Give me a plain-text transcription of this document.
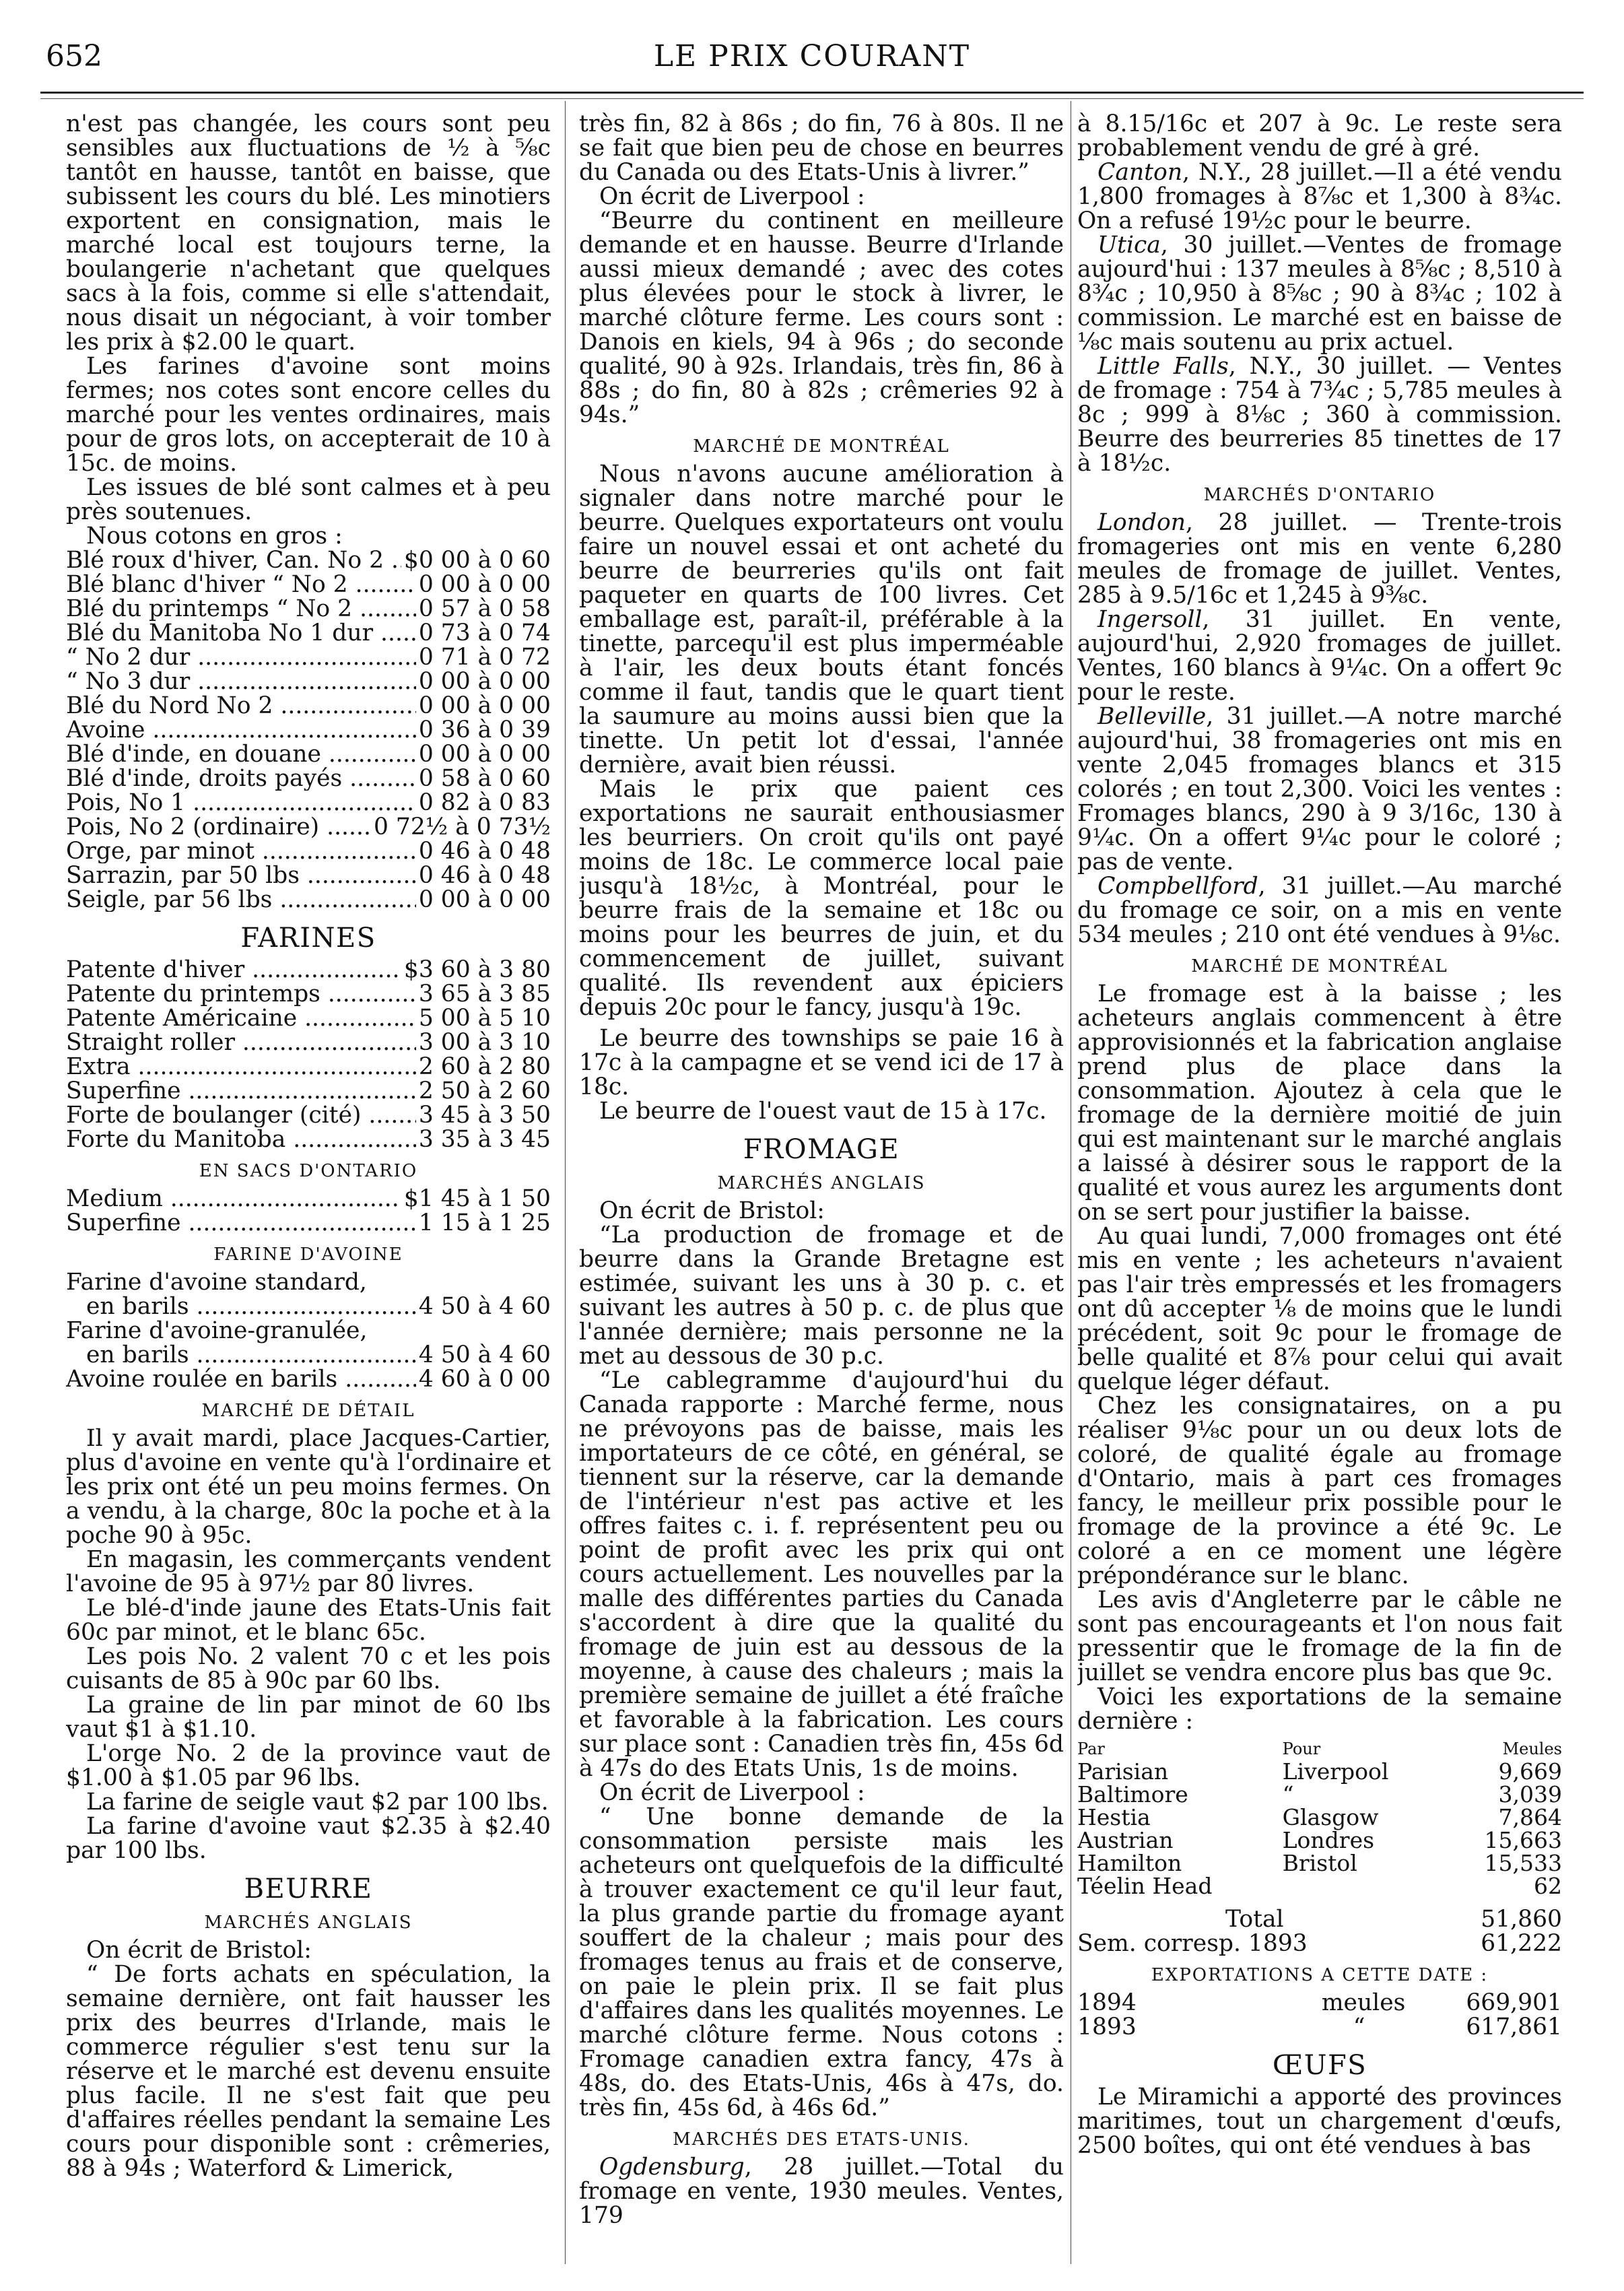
652	LE PRIX COURANT

n'est pas changée, les cours sont peu sensibles aux fluctuations de ½ à ⅝c tantôt en hausse, tantôt en baisse, que subissent les cours du blé. Les minotiers exportent en consignation, mais le marché local est toujours terne, la boulangerie n'achetant que quelques sacs à la fois, comme si elle s'attendait, nous disait un négociant, à voir tomber les prix à $2.00 le quart.

Les farines d'avoine sont moins fermes; nos cotes sont encore celles du marché pour les ventes ordinaires, mais pour de gros lots, on accepterait de 10 à 15c. de moins.

Les issues de blé sont calmes et à peu près soutenues.

Nous cotons en gros :

Blé roux d'hiver, Can. No 2 ..... $0 00 à 0 60
Blé blanc d'hiver “ No 2 .....	0 00 à 0 00
Blé du printemps “ No 2 .....	0 57 à 0 58
Blé du Manitoba No 1 dur .....	0 73 à 0 74
“ No 2 dur .....	0 71 à 0 72
“ No 3 dur .....	0 00 à 0 00
Blé du Nord No 2 .....	0 00 à 0 00
Avoine .....	0 36 à 0 39
Blé d'inde, en douane .....	0 00 à 0 00
Blé d'inde, droits payés .....	0 58 à 0 60
Pois, No 1 .....	0 82 à 0 83
Pois, No 2 (ordinaire) .....	0 72½ à 0 73½
Orge, par minot .....	0 46 à 0 48
Sarrazin, par 50 lbs .....	0 46 à 0 48
Seigle, par 56 lbs .....	0 00 à 0 00
FARINES
Patente d'hiver .....	$3 60 à 3 80
Patente du printemps .....	3 65 à 3 85
Patente Américaine .....	5 00 à 5 10
Straight roller .....	3 00 à 3 10
Extra .....	2 60 à 2 80
Superfine .....	2 50 à 2 60
Forte de boulanger (cité) .....	3 45 à 3 50
Forte du Manitoba .....	3 35 à 3 45
EN SACS D'ONTARIO
Medium .....	$1 45 à 1 50
Superfine .....	1 15 à 1 25
FARINE D'AVOINE

Farine d'avoine standard,

en barils .....	4 50 à 4 60

Farine d'avoine-granulée,

en barils .....	4 50 à 4 60
Avoine roulée en barils .....	4 60 à 0 00
MARCHÉ DE DÉTAIL

Il y avait mardi, place Jacques-Cartier, plus d'avoine en vente qu'à l'ordinaire et les prix ont été un peu moins fermes. On a vendu, à la charge, 80c la poche et à la poche 90 à 95c.

En magasin, les commerçants vendent l'avoine de 95 à 97½ par 80 livres.

Le blé-d'inde jaune des Etats-Unis fait 60c par minot, et le blanc 65c.

Les pois No. 2 valent 70 c et les pois cuisants de 85 à 90c par 60 lbs.

La graine de lin par minot de 60 lbs vaut $1 à $1.10.

L'orge No. 2 de la province vaut de $1.00 à $1.05 par 96 lbs.

La farine de seigle vaut $2 par 100 lbs.

La farine d'avoine vaut $2.35 à $2.40 par 100 lbs.

BEURRE
MARCHÉS ANGLAIS

On écrit de Bristol:

“ De forts achats en spéculation, la semaine dernière, ont fait hausser les prix des beurres d'Irlande, mais le commerce régulier s'est tenu sur la réserve et le marché est devenu ensuite plus facile. Il ne s'est fait que peu d'affaires réelles pendant la semaine Les cours pour disponible sont : crêmeries, 88 à 94s ; Waterford & Limerick,

très fin, 82 à 86s ; do fin, 76 à 80s. Il ne se fait que bien peu de chose en beurres du Canada ou des Etats-Unis à livrer.”

On écrit de Liverpool :

“Beurre du continent en meilleure demande et en hausse. Beurre d'Irlande aussi mieux demandé ; avec des cotes plus élevées pour le stock à livrer, le marché clôture ferme. Les cours sont : Danois en kiels, 94 à 96s ; do seconde qualité, 90 à 92s. Irlandais, très fin, 86 à 88s ; do fin, 80 à 82s ; crêmeries 92 à 94s.”

MARCHÉ DE MONTRÉAL

Nous n'avons aucune amélioration à signaler dans notre marché pour le beurre. Quelques exportateurs ont voulu faire un nouvel essai et ont acheté du beurre de beurreries qu'ils ont fait paqueter en quarts de 100 livres. Cet emballage est, paraît-il, préférable à la tinette, parcequ'il est plus imperméable à l'air, les deux bouts étant foncés comme il faut, tandis que le quart tient la saumure au moins aussi bien que la tinette. Un petit lot d'essai, l'année dernière, avait bien réussi.

Mais le prix que paient ces exportations ne saurait enthousiasmer les beurriers. On croit qu'ils ont payé moins de 18c. Le commerce local paie jusqu'à 18½c, à Montréal, pour le beurre frais de la semaine et 18c ou moins pour les beurres de juin, et du commencement de juillet, suivant qualité. Ils revendent aux épiciers depuis 20c pour le fancy, jusqu'à 19c.

Le beurre des townships se paie 16 à 17c à la campagne et se vend ici de 17 à 18c.

Le beurre de l'ouest vaut de 15 à 17c.

FROMAGE
MARCHÉS ANGLAIS

On écrit de Bristol:

“La production de fromage et de beurre dans la Grande Bretagne est estimée, suivant les uns à 30 p. c. et suivant les autres à 50 p. c. de plus que l'année dernière; mais personne ne la met au dessous de 30 p.c.

“Le cablegramme d'aujourd'hui du Canada rapporte : Marché ferme, nous ne prévoyons pas de baisse, mais les importateurs de ce côté, en général, se tiennent sur la réserve, car la demande de l'intérieur n'est pas active et les offres faites c. i. f. représentent peu ou point de profit avec les prix qui ont cours actuellement. Les nouvelles par la malle des différentes parties du Canada s'accordent à dire que la qualité du fromage de juin est au dessous de la moyenne, à cause des chaleurs ; mais la première semaine de juillet a été fraîche et favorable à la fabrication. Les cours sur place sont : Canadien très fin, 45s 6d à 47s do des Etats Unis, 1s de moins.

On écrit de Liverpool :

“ Une bonne demande de la consommation persiste mais les acheteurs ont quelquefois de la difficulté à trouver exactement ce qu'il leur faut, la plus grande partie du fromage ayant souffert de la chaleur ; mais pour des fromages tenus au frais et de conserve, on paie le plein prix. Il se fait plus d'affaires dans les qualités moyennes. Le marché clôture ferme. Nous cotons : Fromage canadien extra fancy, 47s à 48s, do. des Etats-Unis, 46s à 47s, do. très fin, 45s 6d, à 46s 6d.”

MARCHÉS DES ETATS-UNIS.

Ogdensburg, 28 juillet.—Total du fromage en vente, 1930 meules. Ventes, 179

à 8.15/16c et 207 à 9c. Le reste sera probablement vendu de gré à gré.

Canton, N.Y., 28 juillet.—Il a été vendu 1,800 fromages à 8⅞c et 1,300 à 8¾c. On a refusé 19½c pour le beurre.

Utica, 30 juillet.—Ventes de fromage aujourd'hui : 137 meules à 8⅝c ; 8,510 à 8¾c ; 10,950 à 8⅝c ; 90 à 8¾c ; 102 à commission. Le marché est en baisse de ⅛c mais soutenu au prix actuel.

Little Falls, N.Y., 30 juillet. — Ventes de fromage : 754 à 7¾c ; 5,785 meules à 8c ; 999 à 8⅛c ; 360 à commission. Beurre des beurreries 85 tinettes de 17 à 18½c.

MARCHÉS D'ONTARIO

London, 28 juillet. — Trente-trois fromageries ont mis en vente 6,280 meules de fromage de juillet. Ventes, 285 à 9.5/16c et 1,245 à 9⅜c.

Ingersoll, 31 juillet. En vente, aujourd'hui, 2,920 fromages de juillet. Ventes, 160 blancs à 9¼c. On a offert 9c pour le reste.

Belleville, 31 juillet.—A notre marché aujourd'hui, 38 fromageries ont mis en vente 2,045 fromages blancs et 315 colorés ; en tout 2,300. Voici les ventes : Fromages blancs, 290 à 9 3/16c, 130 à 9¼c. On a offert 9¼c pour le coloré ; pas de vente.

Compbellford, 31 juillet.—Au marché du fromage ce soir, on a mis en vente 534 meules ; 210 ont été vendues à 9⅛c.

MARCHÉ DE MONTRÉAL

Le fromage est à la baisse ; les acheteurs anglais commencent à être approvisionnés et la fabrication anglaise prend plus de place dans la consommation. Ajoutez à cela que le fromage de la dernière moitié de juin qui est maintenant sur le marché anglais a laissé à désirer sous le rapport de la qualité et vous aurez les arguments dont on se sert pour justifier la baisse.

Au quai lundi, 7,000 fromages ont été mis en vente ; les acheteurs n'avaient pas l'air très empressés et les fromagers ont dû accepter ⅛ de moins que le lundi précédent, soit 9c pour le fromage de belle qualité et 8⅞ pour celui qui avait quelque léger défaut.

Chez les consignataires, on a pu réaliser 9⅛c pour un ou deux lots de coloré, de qualité égale au fromage d'Ontario, mais à part ces fromages fancy, le meilleur prix possible pour le fromage de la province a été 9c. Le coloré a en ce moment une légère prépondérance sur le blanc.

Les avis d'Angleterre par le câble ne sont pas encourageants et l'on nous fait pressentir que le fromage de la fin de juillet se vendra encore plus bas que 9c.

Voici les exportations de la semaine dernière :

Par	Pour	Meules
Parisian	Liverpool	9,669
Baltimore	“	3,039
Hestia	Glasgow	7,864
Austrian	Londres	15,663
Hamilton	Bristol	15,533
Téelin Head		62
Total	51,860
Sem. corresp. 1893	61,222
EXPORTATIONS A CETTE DATE :
1894	meules	669,901
1893	“	617,861
ŒUFS

Le Miramichi a apporté des provinces maritimes, tout un chargement d'œufs, 2500 boîtes, qui ont été vendues à bas
